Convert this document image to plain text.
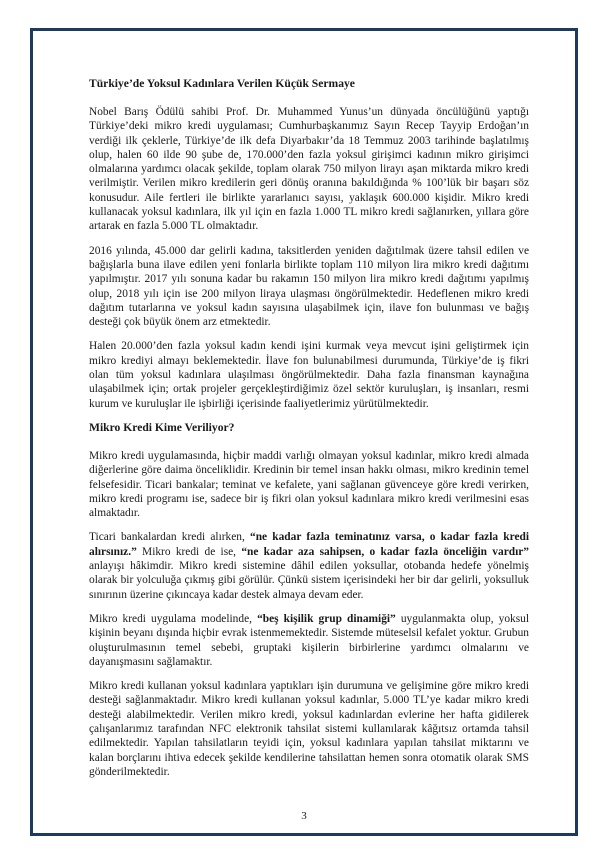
Türkiye’de Yoksul Kadınlara Verilen Küçük Sermaye

Nobel Barış Ödülü sahibi Prof. Dr. Muhammed Yunus’un dünyada öncülüğünü yaptığı Türkiye’deki mikro kredi uygulaması; Cumhurbaşkanımız Sayın Recep Tayyip Erdoğan’ın verdiği ilk çeklerle, Türkiye’de ilk defa Diyarbakır’da 18 Temmuz 2003 tarihinde başlatılmış olup, halen 60 ilde 90 şube de, 170.000’den fazla yoksul girişimci kadının mikro girişimci olmalarına yardımcı olacak şekilde, toplam olarak 750 milyon lirayı aşan miktarda mikro kredi verilmiştir. Verilen mikro kredilerin geri dönüş oranına bakıldığında % 100’lük bir başarı söz konusudur. Aile fertleri ile birlikte yararlanıcı sayısı, yaklaşık 600.000 kişidir. Mikro kredi kullanacak yoksul kadınlara, ilk yıl için en fazla 1.000 TL mikro kredi sağlanırken, yıllara göre artarak en fazla 5.000 TL olmaktadır.

2016 yılında, 45.000 dar gelirli kadına, taksitlerden yeniden dağıtılmak üzere tahsil edilen ve bağışlarla buna ilave edilen yeni fonlarla birlikte toplam 110 milyon lira mikro kredi dağıtımı yapılmıştır. 2017 yılı sonuna kadar bu rakamın 150 milyon lira mikro kredi dağıtımı yapılmış olup, 2018 yılı için ise 200 milyon liraya ulaşması öngörülmektedir. Hedeflenen mikro kredi dağıtım tutarlarına ve yoksul kadın sayısına ulaşabilmek için, ilave fon bulunması ve bağış desteği çok büyük önem arz etmektedir.

Halen 20.000’den fazla yoksul kadın kendi işini kurmak veya mevcut işini geliştirmek için mikro krediyi almayı beklemektedir. İlave fon bulunabilmesi durumunda, Türkiye’de iş fikri olan tüm yoksul kadınlara ulaşılması öngörülmektedir. Daha fazla finansman kaynağına ulaşabilmek için; ortak projeler gerçekleştirdiğimiz özel sektör kuruluşları, iş insanları, resmi kurum ve kuruluşlar ile işbirliği içerisinde faaliyetlerimiz yürütülmektedir.

Mikro Kredi Kime Veriliyor?

Mikro kredi uygulamasında, hiçbir maddi varlığı olmayan yoksul kadınlar, mikro kredi almada diğerlerine göre daima önceliklidir. Kredinin bir temel insan hakkı olması, mikro kredinin temel felsefesidir. Ticari bankalar; teminat ve kefalete, yani sağlanan güvenceye göre kredi verirken, mikro kredi programı ise, sadece bir iş fikri olan yoksul kadınlara mikro kredi verilmesini esas almaktadır.

Ticari bankalardan kredi alırken, “ne kadar fazla teminatınız varsa, o kadar fazla kredi alırsınız.” Mikro kredi de ise, “ne kadar aza sahipsen, o kadar fazla önceliğin vardır” anlayışı hâkimdir. Mikro kredi sistemine dâhil edilen yoksullar, otobanda hedefe yönelmiş olarak bir yolculuğa çıkmış gibi görülür. Çünkü sistem içerisindeki her bir dar gelirli, yoksulluk sınırının üzerine çıkıncaya kadar destek almaya devam eder.

Mikro kredi uygulama modelinde, “beş kişilik grup dinamiği” uygulanmakta olup, yoksul kişinin beyanı dışında hiçbir evrak istenmemektedir. Sistemde müteselsil kefalet yoktur. Grubun oluşturulmasının temel sebebi, gruptaki kişilerin birbirlerine yardımcı olmalarını ve dayanışmasını sağlamaktır.

Mikro kredi kullanan yoksul kadınlara yaptıkları işin durumuna ve gelişimine göre mikro kredi desteği sağlanmaktadır. Mikro kredi kullanan yoksul kadınlar, 5.000 TL’ye kadar mikro kredi desteği alabilmektedir. Verilen mikro kredi, yoksul kadınlardan evlerine her hafta gidilerek çalışanlarımız tarafından NFC elektronik tahsilat sistemi kullanılarak kâğıtsız ortamda tahsil edilmektedir. Yapılan tahsilatların teyidi için, yoksul kadınlara yapılan tahsilat miktarını ve kalan borçlarını ihtiva edecek şekilde kendilerine tahsilattan hemen sonra otomatik olarak SMS gönderilmektedir.

3
